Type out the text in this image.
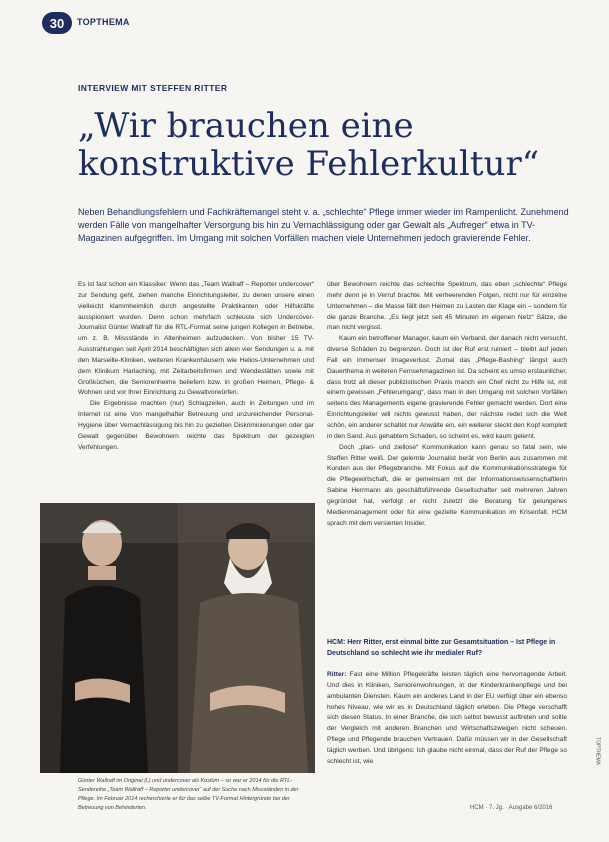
30	TOPTHEMA
INTERVIEW MIT STEFFEN RITTER
„Wir brauchen eine konstruktive Fehlerkultur“

Neben Behandlungsfehlern und Fachkräftemangel steht v. a. „schlechte“ Pflege immer wieder im Rampenlicht. Zunehmend werden Fälle von mangelhafter Versorgung bis hin zu Vernachlässigung oder gar Gewalt als „Aufreger“ etwa in TV-Magazinen aufgegriffen. Im Umgang mit solchen Vorfällen machen viele Unternehmen jedoch gravierende Fehler.

Es ist fast schon ein Klassiker: Wenn das „Team Wallraff – Reporter undercover“ zur Sendung geht, ziehen manche Einrichtungsleiter, zu denen unsere einen vielleicht klammheimlich durch angestellte Praktikanten oder Hilfskräfte ausspioniert wurden. Denn schon mehrfach schleuste sich Undercover-Journalist Günter Wallraff für die RTL-Format seine jungen Kollegen in Betriebe, um z. B. Missstände in Altenheimen aufzudecken. Von bisher 15 TV-Ausstrahlungen seit April 2014 beschäftigten sich allein vier Sendungen u. a. mit den Marseille-Kliniken, weiteren Krankenhäusern wie Helios-Unternehmen und dem Klinikum Harlaching, mit Zeitarbeitsfirmen und Wendestätten sowie mit Großküchen, die Seniorenheime beliefern bzw. in großen Heimen, Pflege- & Wohnen und vor Ihrer Einrichtung zu Gewaltvorwürfen.

Die Ergebnisse machten (nur) Schlagzeilen, auch in Zeitungen und im Internet ist eine Von mangelhafter Betreuung und unzureichender Personal-Hygiene über Vernachlässigung bis hin zu gezielten Diskriminierungen oder gar Gewalt gegenüber Bewohnern reichte das Spektrum der gezeigten Verfehlungen.

Günter Wallraff im Original (l.) und undercover als Kostüm – so war er 2014 für die RTL-Sendereihe „Team Wallraff – Reporter undercover“ auf der Suche nach Missständen in der Pflege. Im Februar 2014 recherchierte er für das selbe TV-Format Hintergründe bei der Betreuung von Behinderten.

über Bewohnern reichte das schlechte Spektrum, das eben „schlechte“ Pflege mehr denn je in Verruf brachte. Mit verheerenden Folgen, nicht nur für einzelne Unternehmen – die Masse fällt den Heimen zu Lasten der Klage ein – sondern für die ganze Branche. „Es liegt jetzt seit 45 Minuten im eigenen Netz“ Sätze, die man nicht vergisst.

Kaum ein betroffener Manager, kaum ein Verband, der danach nicht versucht, diverse Schäden zu begrenzen. Doch ist der Ruf erst ruiniert – bleibt auf jeden Fall ein immenser Imageverlust. Zumal das „Pflege-Bashing“ längst auch Dauerthema in weiteren Fernsehmagazinen ist. Da scheint es umso erstaunlicher, dass trotz all dieser publizistischen Praxis manch ein Chef nicht zu Hilfe ist, mit einem gewissen „Fehlerumgang“, dass man in den Umgang mit solchen Vorfällen seitens des Managements eigene gravierende Fehler gemacht werden. Dort eine Einrichtungsleiter will nichts gewusst haben, der nächste redet sich die Welt schön, ein anderer schaltet nur Anwälte ein, ein weiterer steckt den Kopf komplett in den Sand. Aus gehabtem Schaden, so scheint es, wird kaum gelernt.

Doch „plan- und ziellose“ Kommunikation kann genau so fatal sein, wie Steffen Ritter weiß. Der gelernte Journalist berät von Berlin aus zusammen mit Kunden aus der Pflegebranche. Mit Fokus auf die Kommunikationsstrategie für die Pflegewirtschaft, die er gemeinsam mit der Informationswissenschaftlerin Sabine Herrmann als geschäftsführende Gesellschafter seit mehreren Jahren gegründet hat, verfolgt er nicht zuletzt die Beratung für gelungenes Medienmanagement oder für eine gezielte Kommunikation im Krisenfall. HCM sprach mit dem versierten Insider.

HCM: Herr Ritter, erst einmal bitte zur Gesamtsituation – Ist Pflege in Deutschland so schlecht wie ihr medialer Ruf?

Ritter: Fast eine Million Pflegekräfte leisten täglich eine hervorragende Arbeit. Und dies in Kliniken, Seniorenwohnungen, in der Kinderkrankenpflege und bei ambulanten Diensten. Kaum ein anderes Land in der EU verfügt über ein ebenso hohes Niveau, wie wir es in Deutschland täglich erleben. Die Pflege verschafft sich diesen Status. In einer Branche, die sich selbst bewusst auftreten und sollte der Vergleich mit anderen Branchen und Wirtschaftszweigen nicht scheuen. Pflege und Pflegende brauchen Vertrauen. Dafür müssen wir in der Gesellschaft täglich werben. Und übrigens: Ich glaube nicht einmal, dass der Ruf der Pflege so schlecht ist, wie

HCM · 7. Jg. · Ausgabe 6/2016
TOPTHEMA
